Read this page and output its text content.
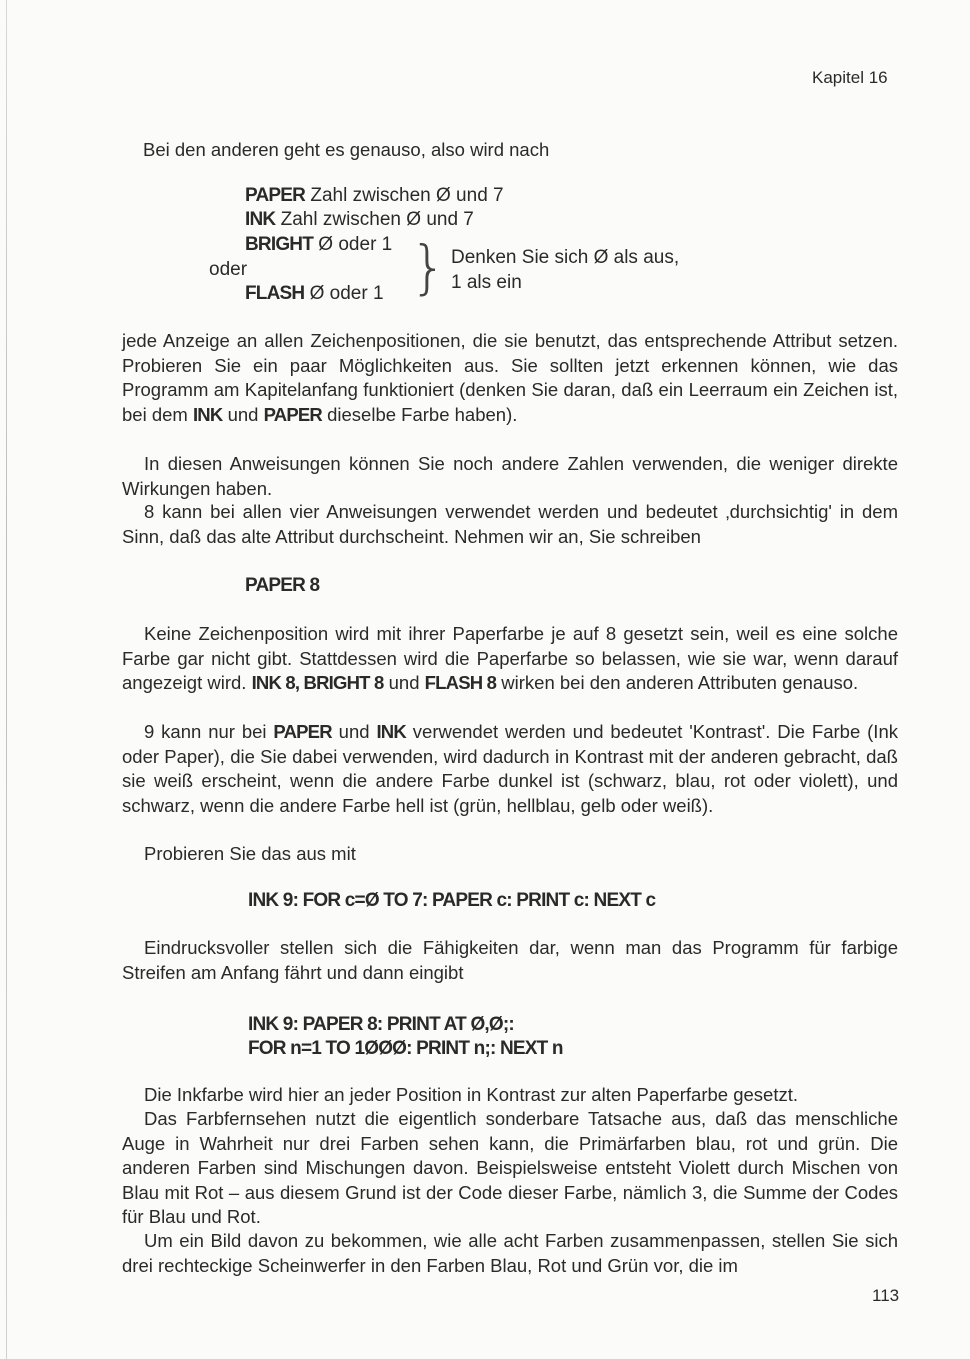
Kapitel 16
Bei den anderen geht es genauso, also wird nach
PAPER Zahl zwischen Ø und 7
INK Zahl zwischen Ø und 7
BRIGHT Ø oder 1
oder
FLASH Ø oder 1 } Denken Sie sich Ø als aus,
1 als ein
jede Anzeige an allen Zeichenpositionen, die sie benutzt, das entsprechende Attribut setzen. Probieren Sie ein paar Möglichkeiten aus. Sie sollten jetzt erkennen können, wie das Programm am Kapitelanfang funktioniert (denken Sie daran, daß ein Leerraum ein Zeichen ist, bei dem INK und PAPER dieselbe Farbe haben).
In diesen Anweisungen können Sie noch andere Zahlen verwenden, die weniger direkte Wirkungen haben.
8 kann bei allen vier Anweisungen verwendet werden und bedeutet ‚durchsichtig' in dem Sinn, daß das alte Attribut durchscheint. Nehmen wir an, Sie schreiben
PAPER 8
Keine Zeichenposition wird mit ihrer Paperfarbe je auf 8 gesetzt sein, weil es eine solche Farbe gar nicht gibt. Stattdessen wird die Paperfarbe so belassen, wie sie war, wenn darauf angezeigt wird. INK 8, BRIGHT 8 und FLASH 8 wirken bei den anderen Attributen genauso.
9 kann nur bei PAPER und INK verwendet werden und bedeutet 'Kontrast'. Die Farbe (Ink oder Paper), die Sie dabei verwenden, wird dadurch in Kontrast mit der anderen gebracht, daß sie weiß erscheint, wenn die andere Farbe dunkel ist (schwarz, blau, rot oder violett), und schwarz, wenn die andere Farbe hell ist (grün, hellblau, gelb oder weiß).
Probieren Sie das aus mit
INK 9: FOR c=Ø TO 7: PAPER c: PRINT c: NEXT c
Eindrucksvoller stellen sich die Fähigkeiten dar, wenn man das Programm für farbige Streifen am Anfang fährt und dann eingibt
INK 9: PAPER 8: PRINT AT Ø,Ø;:
FOR n=1 TO 1ØØØ: PRINT n;: NEXT n
Die Inkfarbe wird hier an jeder Position in Kontrast zur alten Paperfarbe gesetzt.
Das Farbfernsehen nutzt die eigentlich sonderbare Tatsache aus, daß das menschliche Auge in Wahrheit nur drei Farben sehen kann, die Primärfarben blau, rot und grün. Die anderen Farben sind Mischungen davon. Beispielsweise entsteht Violett durch Mischen von Blau mit Rot – aus diesem Grund ist der Code dieser Farbe, nämlich 3, die Summe der Codes für Blau und Rot.
Um ein Bild davon zu bekommen, wie alle acht Farben zusammenpassen, stellen Sie sich drei rechteckige Scheinwerfer in den Farben Blau, Rot und Grün vor, die im
113
